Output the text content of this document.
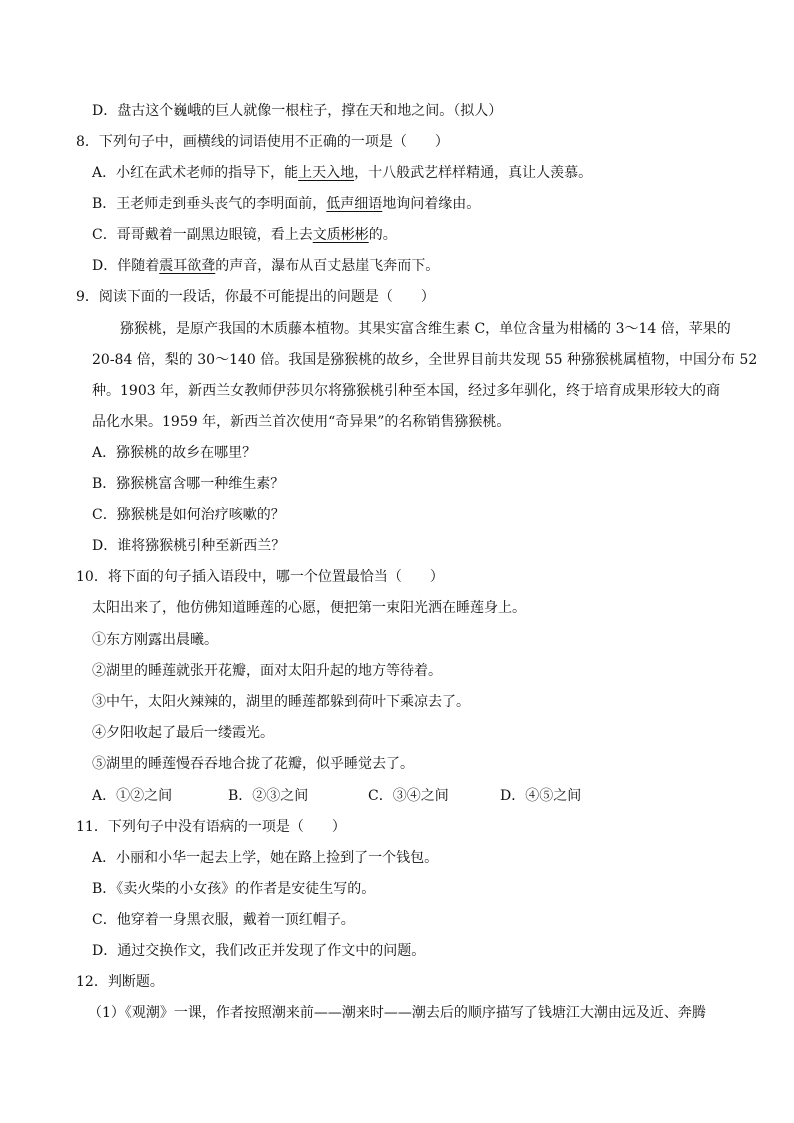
D．盘古这个巍峨的巨人就像一根柱子，撑在天和地之间。（拟人）
8．下列句子中，画横线的词语使用不正确的一项是（　　）
A．小红在武术老师的指导下，能上天入地，十八般武艺样样精通，真让人羡慕。
B．王老师走到垂头丧气的李明面前，低声细语地询问着缘由。
C．哥哥戴着一副黑边眼镜，看上去文质彬彬的。
D．伴随着震耳欲聋的声音，瀑布从百丈悬崖飞奔而下。
9．阅读下面的一段话，你最不可能提出的问题是（　　）
猕猴桃，是原产我国的木质藤本植物。其果实富含维生素 C，单位含量为柑橘的 3～14 倍，苹果的
20-84 倍，梨的 30～140 倍。我国是猕猴桃的故乡，全世界目前共发现 55 种猕猴桃属植物，中国分布 52
种。1903 年，新西兰女教师伊莎贝尔将猕猴桃引种至本国，经过多年驯化，终于培育成果形较大的商
品化水果。1959 年，新西兰首次使用“奇异果”的名称销售猕猴桃。
A．猕猴桃的故乡在哪里？
B．猕猴桃富含哪一种维生素？
C．猕猴桃是如何治疗咳嗽的？
D．谁将猕猴桃引种至新西兰？
10．将下面的句子插入语段中，哪一个位置最恰当（　　）
太阳出来了，他仿佛知道睡莲的心愿，便把第一束阳光洒在睡莲身上。
①东方刚露出晨曦。
②湖里的睡莲就张开花瓣，面对太阳升起的地方等待着。
③中午，太阳火辣辣的，湖里的睡莲都躲到荷叶下乘凉去了。
④夕阳收起了最后一缕霞光。
⑤湖里的睡莲慢吞吞地合拢了花瓣，似乎睡觉去了。
A．①②之间	B．②③之间	C．③④之间	D．④⑤之间
11．下列句子中没有语病的一项是（　　）
A．小丽和小华一起去上学，她在路上捡到了一个钱包。
B．《卖火柴的小女孩》的作者是安徒生写的。
C．他穿着一身黑衣服，戴着一顶红帽子。
D．通过交换作文，我们改正并发现了作文中的问题。
12．判断题。
（1）《观潮》一课，作者按照潮来前——潮来时——潮去后的顺序描写了钱塘江大潮由远及近、奔腾
